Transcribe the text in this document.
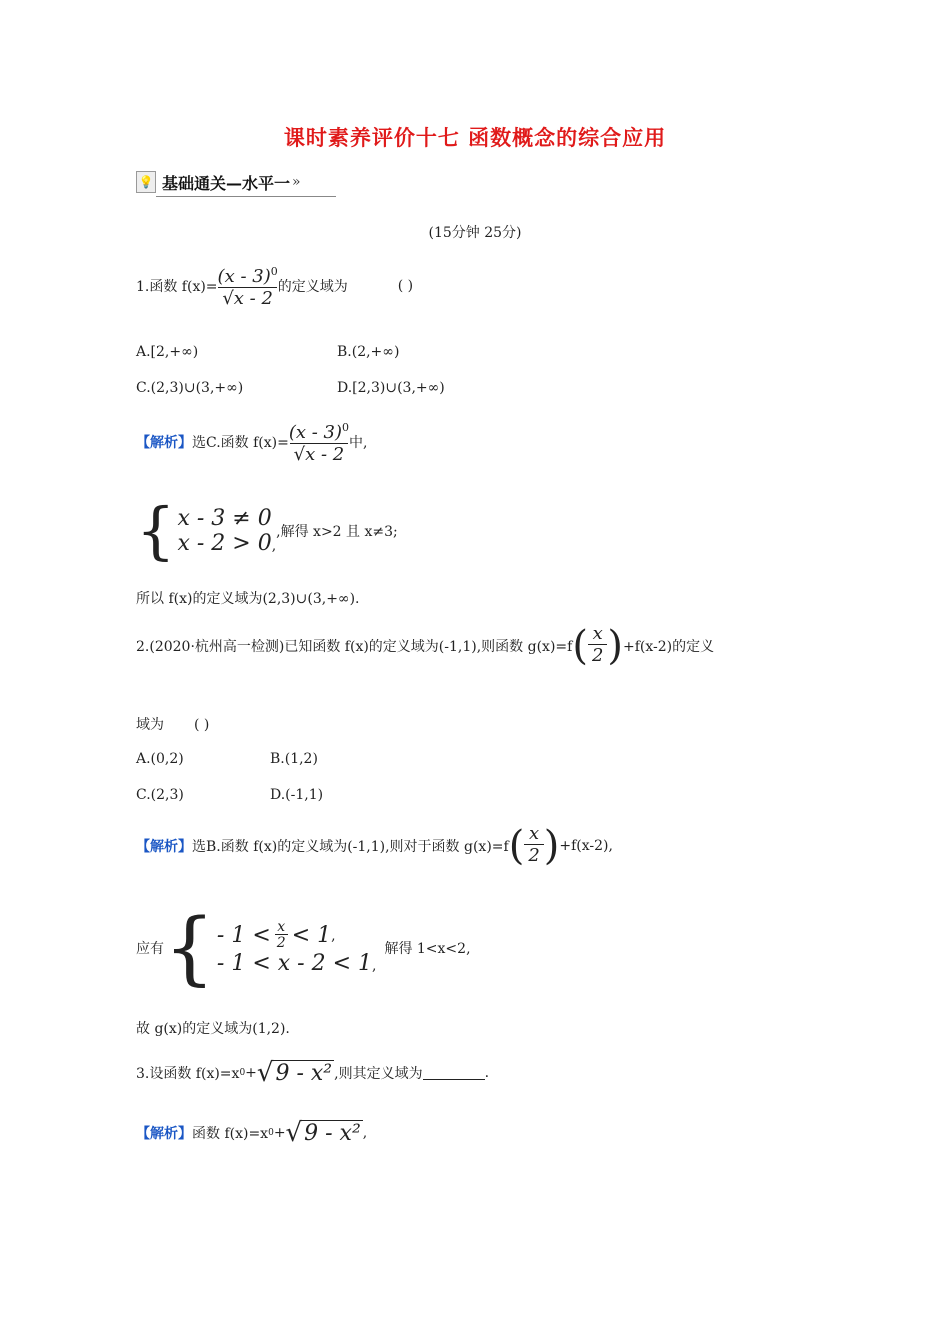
课时素养评价十七 函数概念的综合应用
💡 基础通关—水平一 »
(15分钟 25分)
1.函数 $f(x)= \frac{(x - 3)^0}{√x - 2}$ 的定义域为	( )
A.[2,+∞)	B.(2,+∞)
C.(2,3)∪(3,+∞)	D.[2,3)∪(3,+∞)
【解析】 选C.函数 $f(x)= \frac{(x - 3)^0}{√x - 2}$ 中,
{ x - 3 ≠ 0
x - 2 > 0,
,解得 x>2 且 x≠3;
所以 f(x)的定义域为(2,3)∪(3,+∞).
2.(2020·杭州高一检测)已知函数 f(x)的定义域为(-1,1),则函数 g(x)=f ( $\frac{x}{2}$ ) +f(x-2)的定义
域为 ( )
A.(0,2)	B.(1,2)
C.(2,3)	D.(-1,1)
【解析】 选B.函数 f(x)的定义域为(-1,1),则对于函数 g(x)=f ( $\frac{x}{2}$ ) +f(x-2),
应有 { - $1 < \frac{x}{2} < 1$ ,
- 1 < x - 2 < 1,
解得 1<x<2,
故 g(x)的定义域为(1,2).
3.设函数 f(x)=x 0 + √ 9 - x² ,则其定义域为	.
【解析】 函数 f(x)=x 0 + √ 9 - x² ,
